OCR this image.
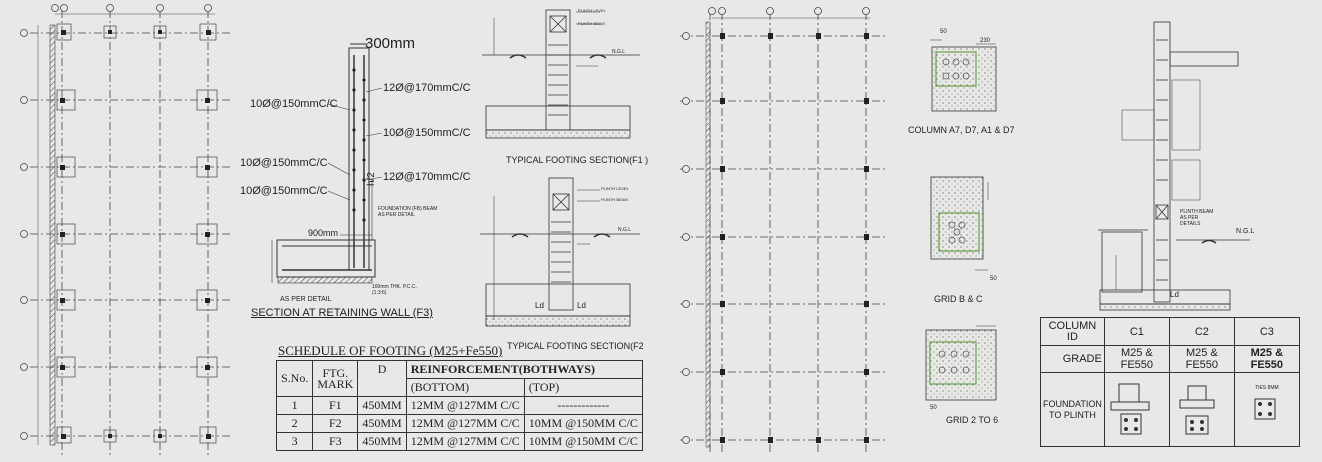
300mm
10Ø@150mmC/C
10Ø@150mmC/C
10Ø@150mmC/C
12Ø@170mmC/C
10Ø@150mmC/C
12Ø@170mmC/C
h/2
900mm
FOUNDATION (FB) BEAM AS PER DETAIL
100mm THK. P.C.C. (1:3:6)
AS PER DETAIL
SECTION AT RETAINING WALL (F3)
PLINTH LEVEL
PLINTH BEAM
N.G.L
TYPICAL FOOTING SECTION(F1 )
PLINTH LEVEL
PLINTH BEAM
N.G.L
Ld	Ld
TYPICAL FOOTING SECTION(F2
SCHEDULE OF FOOTING (M25+Fe550)
S.No.	FTG. MARK	D	REINFORCEMENT(BOTHWAYS)	
			(BOTTOM)	(TOP)
1	F1	450MM	12MM @127MM C/C	-------------
2	F2	450MM	12MM @127MM C/C	10MM @150MM C/C
3	F3	450MM	12MM @127MM C/C	10MM @150MM C/C
COLUMN A7, D7, A1 & D7
GRID B & C
GRID 2 TO 6
230
50
50
50
PLINTH BEAM AS PER DETAILS
N.G.L
Ld
COLUMN ID	C1	C2	C3
GRADE	M25 & FE550	M25 & FE550	M25 & FE550
FOUNDATION TO PLINTH			TIES 8MM
